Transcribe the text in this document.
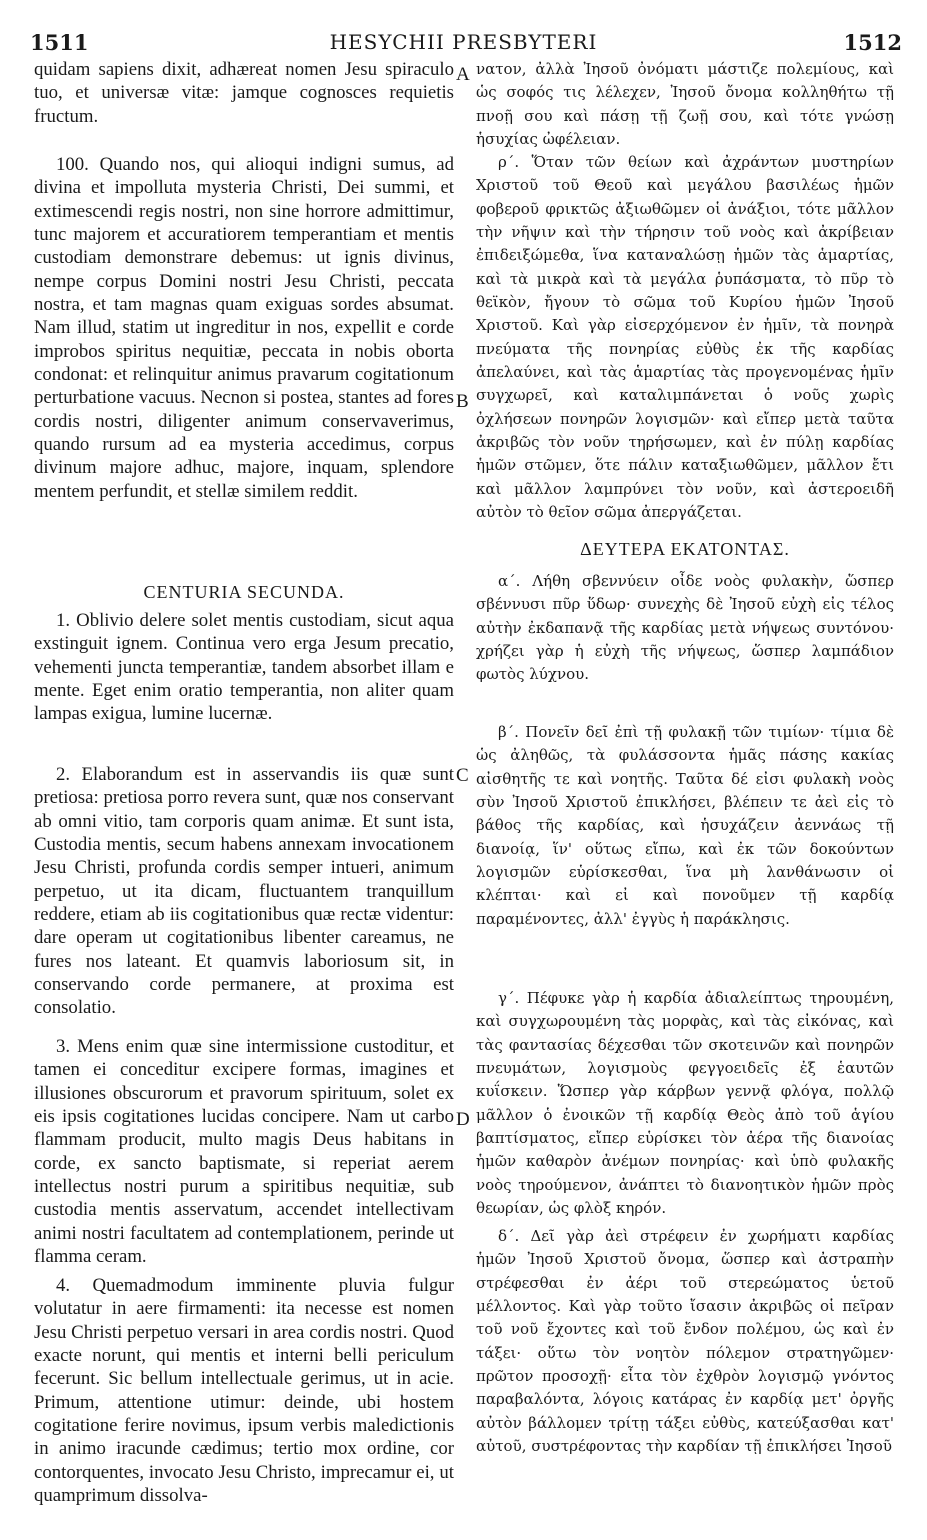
1511	HESYCHII PRESBYTERI	1512

quidam sapiens dixit, adhæreat nomen Jesu spiraculo tuo, et universæ vitæ: jamque cognosces requietis fructum.

100. Quando nos, qui alioqui indigni sumus, ad divina et impolluta mysteria Christi, Dei summi, et extimescendi regis nostri, non sine horrore admittimur, tunc majorem et accuratiorem temperantiam et mentis custodiam demonstrare debemus: ut ignis divinus, nempe corpus Domini nostri Jesu Christi, peccata nostra, et tam magnas quam exiguas sordes absumat. Nam illud, statim ut ingreditur in nos, expellit e corde improbos spiritus nequitiæ, peccata in nobis oborta condonat: et relinquitur animus pravarum cogitationum perturbatione vacuus. Necnon si postea, stantes ad fores cordis nostri, diligenter animum conservaverimus, quando rursum ad ea mysteria accedimus, corpus divinum majore adhuc, majore, inquam, splendore mentem perfundit, et stellæ similem reddit.

CENTURIA SECUNDA.

1. Oblivio delere solet mentis custodiam, sicut aqua exstinguit ignem. Continua vero erga Jesum precatio, vehementi juncta temperantiæ, tandem absorbet illam e mente. Eget enim oratio temperantia, non aliter quam lampas exigua, lumine lucernæ.

2. Elaborandum est in asservandis iis quæ sunt pretiosa: pretiosa porro revera sunt, quæ nos conservant ab omni vitio, tam corporis quam animæ. Et sunt ista, Custodia mentis, secum habens annexam invocationem Jesu Christi, profunda cordis semper intueri, animum perpetuo, ut ita dicam, fluctuantem tranquillum reddere, etiam ab iis cogitationibus quæ rectæ videntur: dare operam ut cogitationibus libenter careamus, ne fures nos lateant. Et quamvis laboriosum sit, in conservando corde permanere, at proxima est consolatio.

3. Mens enim quæ sine intermissione custoditur, et tamen ei conceditur excipere formas, imagines et illusiones obscurorum et pravorum spirituum, solet ex eis ipsis cogitationes lucidas concipere. Nam ut carbo flammam producit, multo magis Deus habitans in corde, ex sancto baptismate, si reperiat aerem intellectus nostri purum a spiritibus nequitiæ, sub custodia mentis asservatum, accendet intellectivam animi nostri facultatem ad contemplationem, perinde ut flamma ceram.

4. Quemadmodum imminente pluvia fulgur volutatur in aere firmamenti: ita necesse est nomen Jesu Christi perpetuo versari in area cordis nostri. Quod exacte norunt, qui mentis et interni belli periculum fecerunt. Sic bellum intellectuale gerimus, ut in acie. Primum, attentione utimur: deinde, ubi hostem cogitatione ferire novimus, ipsum verbis maledictionis in animo iracunde cædimus; tertio mox ordine, cor contorquentes, invocato Jesu Christo, imprecamur ei, ut quamprimum dissolva-

A
B
C
D

νατον, ἀλλὰ Ἰησοῦ ὀνόματι μάστιζε πολεμίους, καὶ ὡς σοφός τις λέλεχεν, Ἰησοῦ ὄνομα κολληθήτω τῇ πνοῇ σου καὶ πάσῃ τῇ ζωῇ σου, καὶ τότε γνώσῃ ἡσυχίας ὠφέλειαν.

ρ΄. Ὅταν τῶν θείων καὶ ἀχράντων μυστηρίων Χριστοῦ τοῦ Θεοῦ καὶ μεγάλου βασιλέως ἡμῶν φοβεροῦ φρικτῶς ἀξιωθῶμεν οἱ ἀνάξιοι, τότε μᾶλλον τὴν νῆψιν καὶ τὴν τήρησιν τοῦ νοὸς καὶ ἀκρίβειαν ἐπιδειξώμεθα, ἵνα καταναλώσῃ ἡμῶν τὰς ἁμαρτίας, καὶ τὰ μικρὰ καὶ τὰ μεγάλα ῥυπάσματα, τὸ πῦρ τὸ θεϊκὸν, ἤγουν τὸ σῶμα τοῦ Κυρίου ἡμῶν Ἰησοῦ Χριστοῦ. Καὶ γὰρ εἰσερχόμενον ἐν ἡμῖν, τὰ πονηρὰ πνεύματα τῆς πονηρίας εὐθὺς ἐκ τῆς καρδίας ἀπελαύνει, καὶ τὰς ἁμαρτίας τὰς προγενομένας ἡμῖν συγχωρεῖ, καὶ καταλιμπάνεται ὁ νοῦς χωρὶς ὀχλήσεων πονηρῶν λογισμῶν· καὶ εἴπερ μετὰ ταῦτα ἀκριβῶς τὸν νοῦν τηρήσωμεν, καὶ ἐν πύλῃ καρδίας ἡμῶν στῶμεν, ὅτε πάλιν καταξιωθῶμεν, μᾶλλον ἔτι καὶ μᾶλλον λαμπρύνει τὸν νοῦν, καὶ ἀστεροειδῆ αὐτὸν τὸ θεῖον σῶμα ἀπεργάζεται.

ΔΕΥΤΕΡΑ ΕΚΑΤΟΝΤΑΣ.

α΄. Λήθη σβεννύειν οἶδε νοὸς φυλακὴν, ὥσπερ σβέννυσι πῦρ ὕδωρ· συνεχὴς δὲ Ἰησοῦ εὐχὴ εἰς τέλος αὐτὴν ἐκδαπανᾷ τῆς καρδίας μετὰ νήψεως συντόνου· χρήζει γὰρ ἡ εὐχὴ τῆς νήψεως, ὥσπερ λαμπάδιον φωτὸς λύχνου.

β΄. Πονεῖν δεῖ ἐπὶ τῇ φυλακῇ τῶν τιμίων· τίμια δὲ ὡς ἀληθῶς, τὰ φυλάσσοντα ἡμᾶς πάσης κακίας αἰσθητῆς τε καὶ νοητῆς. Ταῦτα δέ εἰσι φυλακὴ νοὸς σὺν Ἰησοῦ Χριστοῦ ἐπικλήσει, βλέπειν τε ἀεὶ εἰς τὸ βάθος τῆς καρδίας, καὶ ἡσυχάζειν ἀεννάως τῇ διανοίᾳ, ἵν' οὕτως εἴπω, καὶ ἐκ τῶν δοκούντων λογισμῶν εὑρίσκεσθαι, ἵνα μὴ λανθάνωσιν οἱ κλέπται· καὶ εἰ καὶ πονοῦμεν τῇ καρδίᾳ παραμένοντες, ἀλλ' ἐγγὺς ἡ παράκλησις.

γ΄. Πέφυκε γὰρ ἡ καρδία ἀδιαλείπτως τηρουμένη, καὶ συγχωρουμένη τὰς μορφὰς, καὶ τὰς εἰκόνας, καὶ τὰς φαντασίας δέχεσθαι τῶν σκοτεινῶν καὶ πονηρῶν πνευμάτων, λογισμοὺς φεγγοειδεῖς ἐξ ἑαυτῶν κυΐσκειν. Ὥσπερ γὰρ κάρβων γεννᾷ φλόγα, πολλῷ μᾶλλον ὁ ἐνοικῶν τῇ καρδίᾳ Θεὸς ἀπὸ τοῦ ἁγίου βαπτίσματος, εἴπερ εὑρίσκει τὸν ἀέρα τῆς διανοίας ἡμῶν καθαρὸν ἀνέμων πονηρίας· καὶ ὑπὸ φυλακῆς νοὸς τηρούμενον, ἀνάπτει τὸ διανοητικὸν ἡμῶν πρὸς θεωρίαν, ὡς φλὸξ κηρόν.

δ΄. Δεῖ γὰρ ἀεὶ στρέφειν ἐν χωρήματι καρδίας ἡμῶν Ἰησοῦ Χριστοῦ ὄνομα, ὥσπερ καὶ ἀστραπὴν στρέφεσθαι ἐν ἀέρι τοῦ στερεώματος ὑετοῦ μέλλοντος. Καὶ γὰρ τοῦτο ἴσασιν ἀκριβῶς οἱ πεῖραν τοῦ νοῦ ἔχοντες καὶ τοῦ ἔνδον πολέμου, ὡς καὶ ἐν τάξει· οὕτω τὸν νοητὸν πόλεμον στρατηγῶμεν· πρῶτον προσοχῇ· εἶτα τὸν ἐχθρὸν λογισμῷ γνόντος παραβαλόντα, λόγοις κατάρας ἐν καρδίᾳ μετ' ὀργῆς αὐτὸν βάλλομεν τρίτῃ τάξει εὐθὺς, κατεύξασθαι κατ' αὐτοῦ, συστρέφοντας τὴν καρδίαν τῇ ἐπικλήσει Ἰησοῦ
